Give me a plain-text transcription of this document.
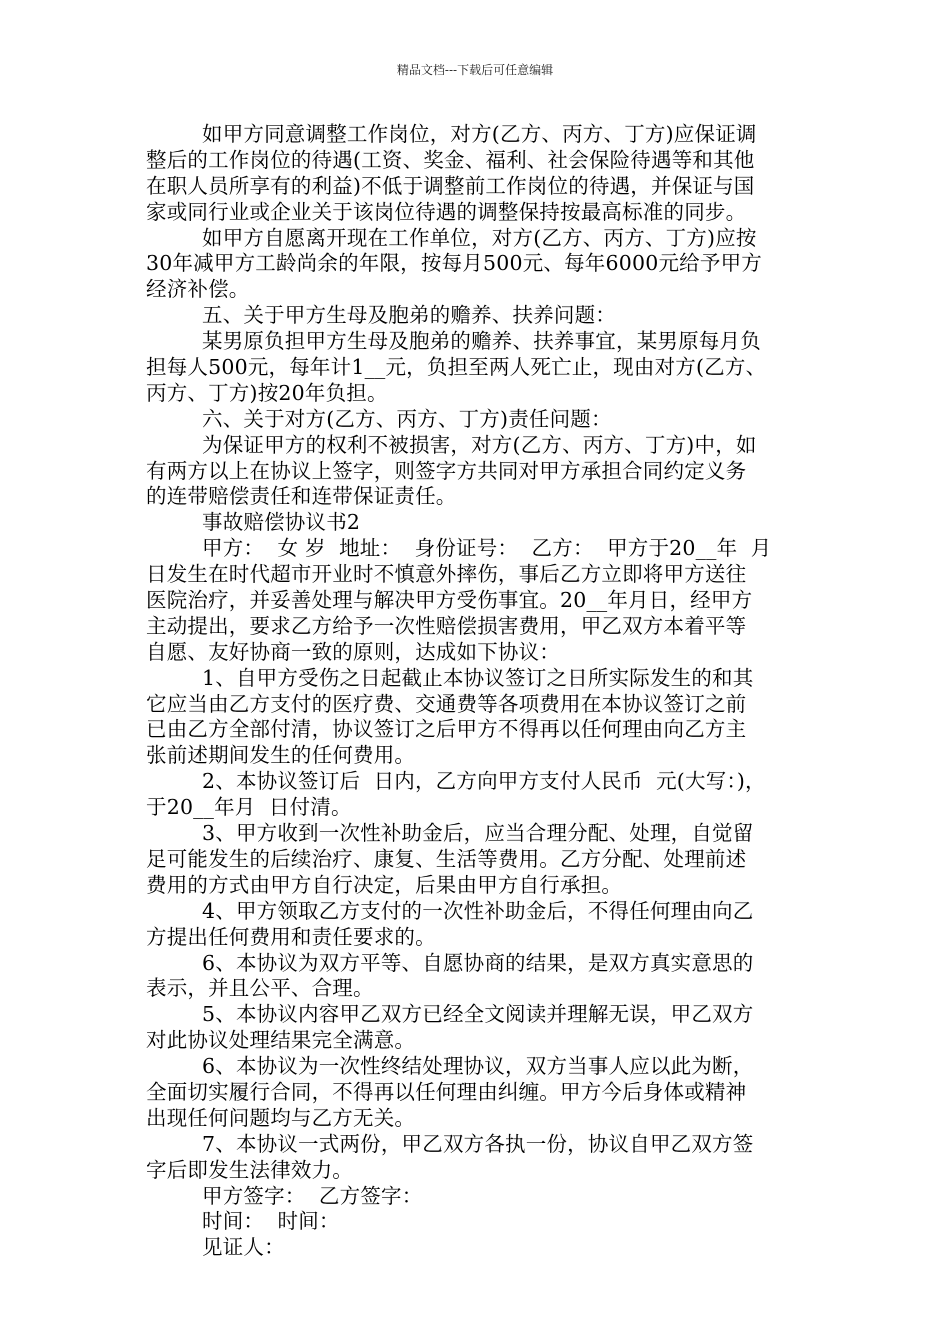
精品文档---下载后可任意编辑
如甲方同意调整工作岗位，对方(乙方、丙方、丁方)应保证调
整后的工作岗位的待遇(工资、奖金、福利、社会保险待遇等和其他
在职人员所享有的利益)不低于调整前工作岗位的待遇，并保证与国
家或同行业或企业关于该岗位待遇的调整保持按最高标准的同步。
如甲方自愿离开现在工作单位，对方(乙方、丙方、丁方)应按
30年减甲方工龄尚余的年限，按每月500元、每年6000元给予甲方
经济补偿。
五、关于甲方生母及胞弟的赡养、扶养问题：
某男原负担甲方生母及胞弟的赡养、扶养事宜，某男原每月负
担每人500元，每年计1__元，负担至两人死亡止，现由对方(乙方、
丙方、丁方)按20年负担。
六、关于对方(乙方、丙方、丁方)责任问题：
为保证甲方的权利不被损害，对方(乙方、丙方、丁方)中，如
有两方以上在协议上签字，则签字方共同对甲方承担合同约定义务
的连带赔偿责任和连带保证责任。
事故赔偿协议书2
甲方：  女 岁  地址：  身份证号：  乙方：  甲方于20__年  月
日发生在时代超市开业时不慎意外摔伤，事后乙方立即将甲方送往
医院治疗，并妥善处理与解决甲方受伤事宜。20__年月日，经甲方
主动提出，要求乙方给予一次性赔偿损害费用，甲乙双方本着平等
自愿、友好协商一致的原则，达成如下协议：
1、自甲方受伤之日起截止本协议签订之日所实际发生的和其
它应当由乙方支付的医疗费、交通费等各项费用在本协议签订之前
已由乙方全部付清，协议签订之后甲方不得再以任何理由向乙方主
张前述期间发生的任何费用。
2、本协议签订后  日内，乙方向甲方支付人民币  元(大写：)，
于20__年月  日付清。
3、甲方收到一次性补助金后，应当合理分配、处理，自觉留
足可能发生的后续治疗、康复、生活等费用。乙方分配、处理前述
费用的方式由甲方自行决定，后果由甲方自行承担。
4、甲方领取乙方支付的一次性补助金后，不得任何理由向乙
方提出任何费用和责任要求的。
6、本协议为双方平等、自愿协商的结果，是双方真实意思的
表示，并且公平、合理。
5、本协议内容甲乙双方已经全文阅读并理解无误，甲乙双方
对此协议处理结果完全满意。
6、本协议为一次性终结处理协议，双方当事人应以此为断，
全面切实履行合同，不得再以任何理由纠缠。甲方今后身体或精神
出现任何问题均与乙方无关。
7、本协议一式两份，甲乙双方各执一份，协议自甲乙双方签
字后即发生法律效力。
甲方签字：  乙方签字：
时间：  时间：
见证人：
